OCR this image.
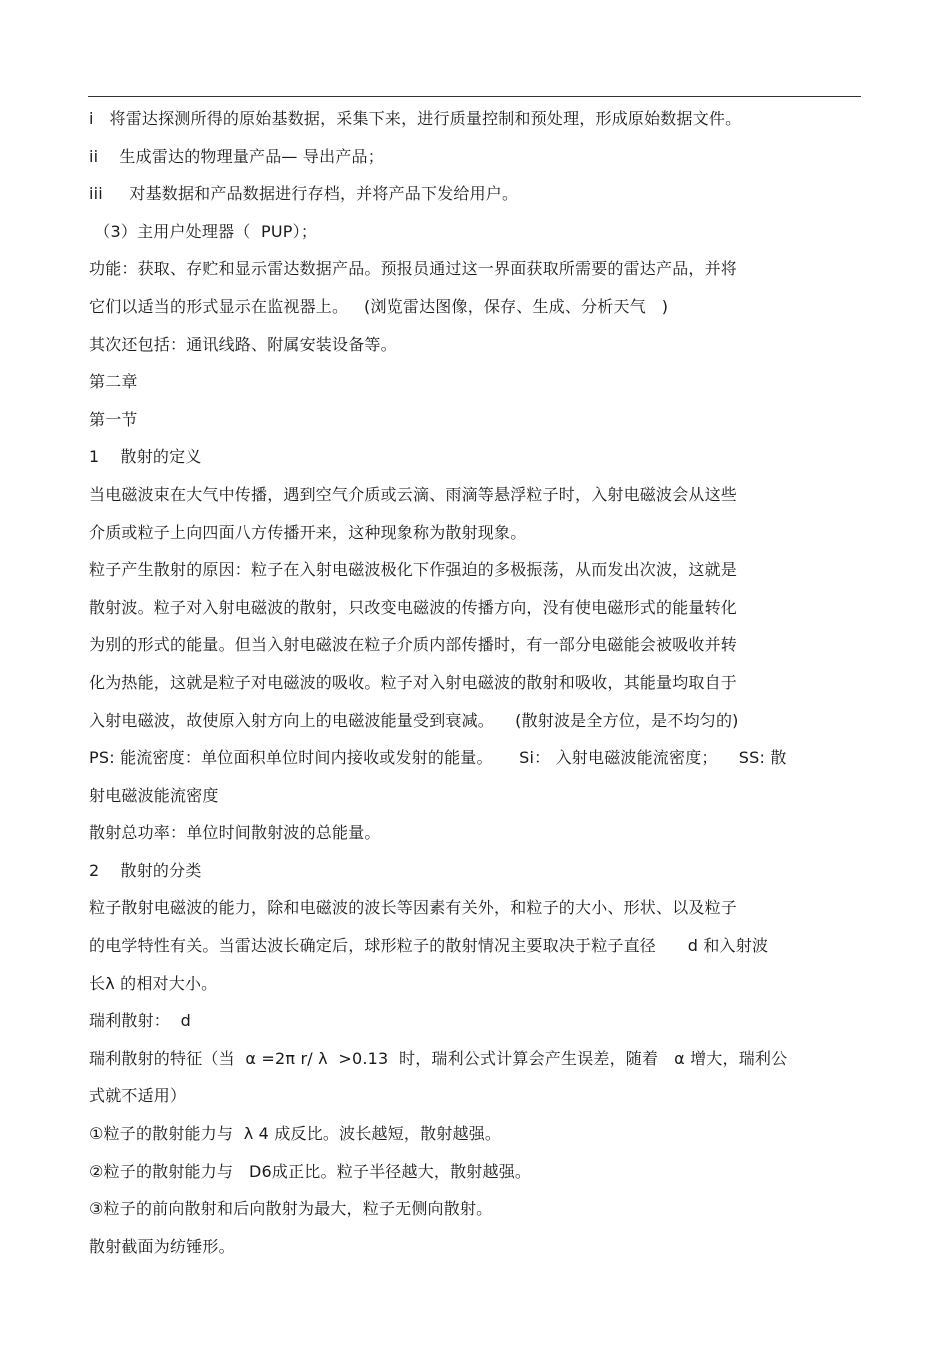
i   将雷达探测所得的原始基数据，采集下来，进行质量控制和预处理，形成原始数据文件。
ii    生成雷达的物理量产品— 导出产品；
iii     对基数据和产品数据进行存档，并将产品下发给用户。
（3）主用户处理器（  PUP）；
功能：获取、存贮和显示雷达数据产品。预报员通过这一界面获取所需要的雷达产品，并将
它们以适当的形式显示在监视器上。   (浏览雷达图像，保存、生成、分析天气   )
其次还包括：通讯线路、附属安装设备等。
第二章
第一节
1    散射的定义
当电磁波束在大气中传播，遇到空气介质或云滴、雨滴等悬浮粒子时，入射电磁波会从这些
介质或粒子上向四面八方传播开来，这种现象称为散射现象。
粒子产生散射的原因：粒子在入射电磁波极化下作强迫的多极振荡，从而发出次波，这就是
散射波。粒子对入射电磁波的散射，只改变电磁波的传播方向，没有使电磁形式的能量转化
为别的形式的能量。但当入射电磁波在粒子介质内部传播时，有一部分电磁能会被吸收并转
化为热能，这就是粒子对电磁波的吸收。粒子对入射电磁波的散射和吸收，其能量均取自于
入射电磁波，故使原入射方向上的电磁波能量受到衰减。    (散射波是全方位，是不均匀的)
PS: 能流密度：单位面积单位时间内接收或发射的能量。     Si： 入射电磁波能流密度；    SS: 散
射电磁波能流密度
散射总功率：单位时间散射波的总能量。
2    散射的分类
粒子散射电磁波的能力，除和电磁波的波长等因素有关外，和粒子的大小、形状、以及粒子
的电学特性有关。当雷达波长确定后，球形粒子的散射情况主要取决于粒子直径      d 和入射波
长λ 的相对大小。
瑞利散射：  d
瑞利散射的特征（当  α =2π r/ λ  >0.13  时，瑞利公式计算会产生误差，随着   α 增大，瑞利公
式就不适用）
①粒子的散射能力与  λ 4 成反比。波长越短，散射越强。
②粒子的散射能力与   D6成正比。粒子半径越大，散射越强。
③粒子的前向散射和后向散射为最大，粒子无侧向散射。
散射截面为纺锤形。
